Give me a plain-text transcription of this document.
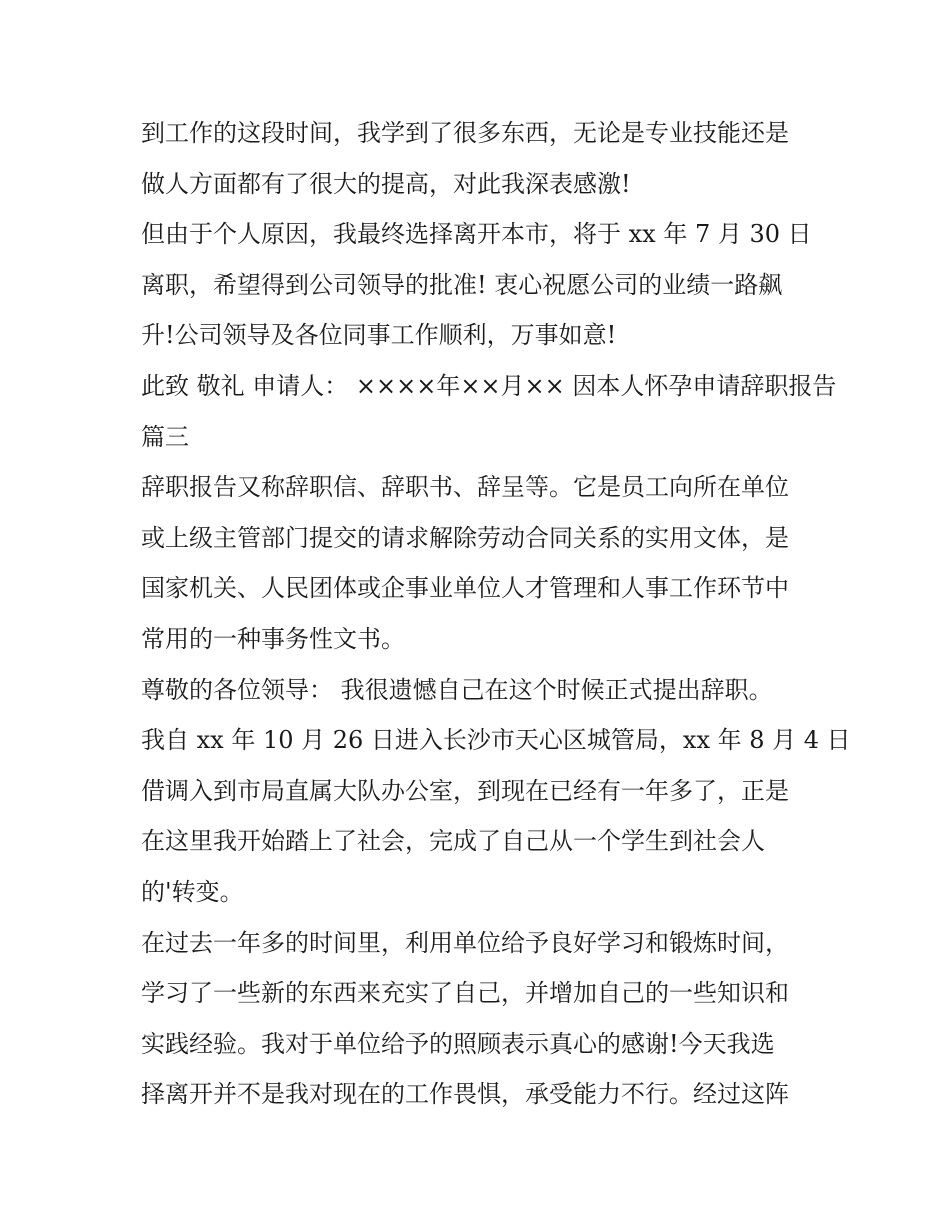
到工作的这段时间，我学到了很多东西，无论是专业技能还是
做人方面都有了很大的提高，对此我深表感激!
但由于个人原因，我最终选择离开本市，将于 xx 年 7 月 30 日
离职，希望得到公司领导的批准! 衷心祝愿公司的业绩一路飙
升!公司领导及各位同事工作顺利，万事如意!
此致 敬礼 申请人： ××××年××月×× 因本人怀孕申请辞职报告
篇三
辞职报告又称辞职信、辞职书、辞呈等。它是员工向所在单位
或上级主管部门提交的请求解除劳动合同关系的实用文体，是
国家机关、人民团体或企事业单位人才管理和人事工作环节中
常用的一种事务性文书。
尊敬的各位领导： 我很遗憾自己在这个时候正式提出辞职。
我自 xx 年 10 月 26 日进入长沙市天心区城管局，xx 年 8 月 4 日
借调入到市局直属大队办公室，到现在已经有一年多了，正是
在这里我开始踏上了社会，完成了自己从一个学生到社会人
的'转变。
在过去一年多的时间里，利用单位给予良好学习和锻炼时间，
学习了一些新的东西来充实了自己，并增加自己的一些知识和
实践经验。我对于单位给予的照顾表示真心的感谢!今天我选
择离开并不是我对现在的工作畏惧，承受能力不行。经过这阵
